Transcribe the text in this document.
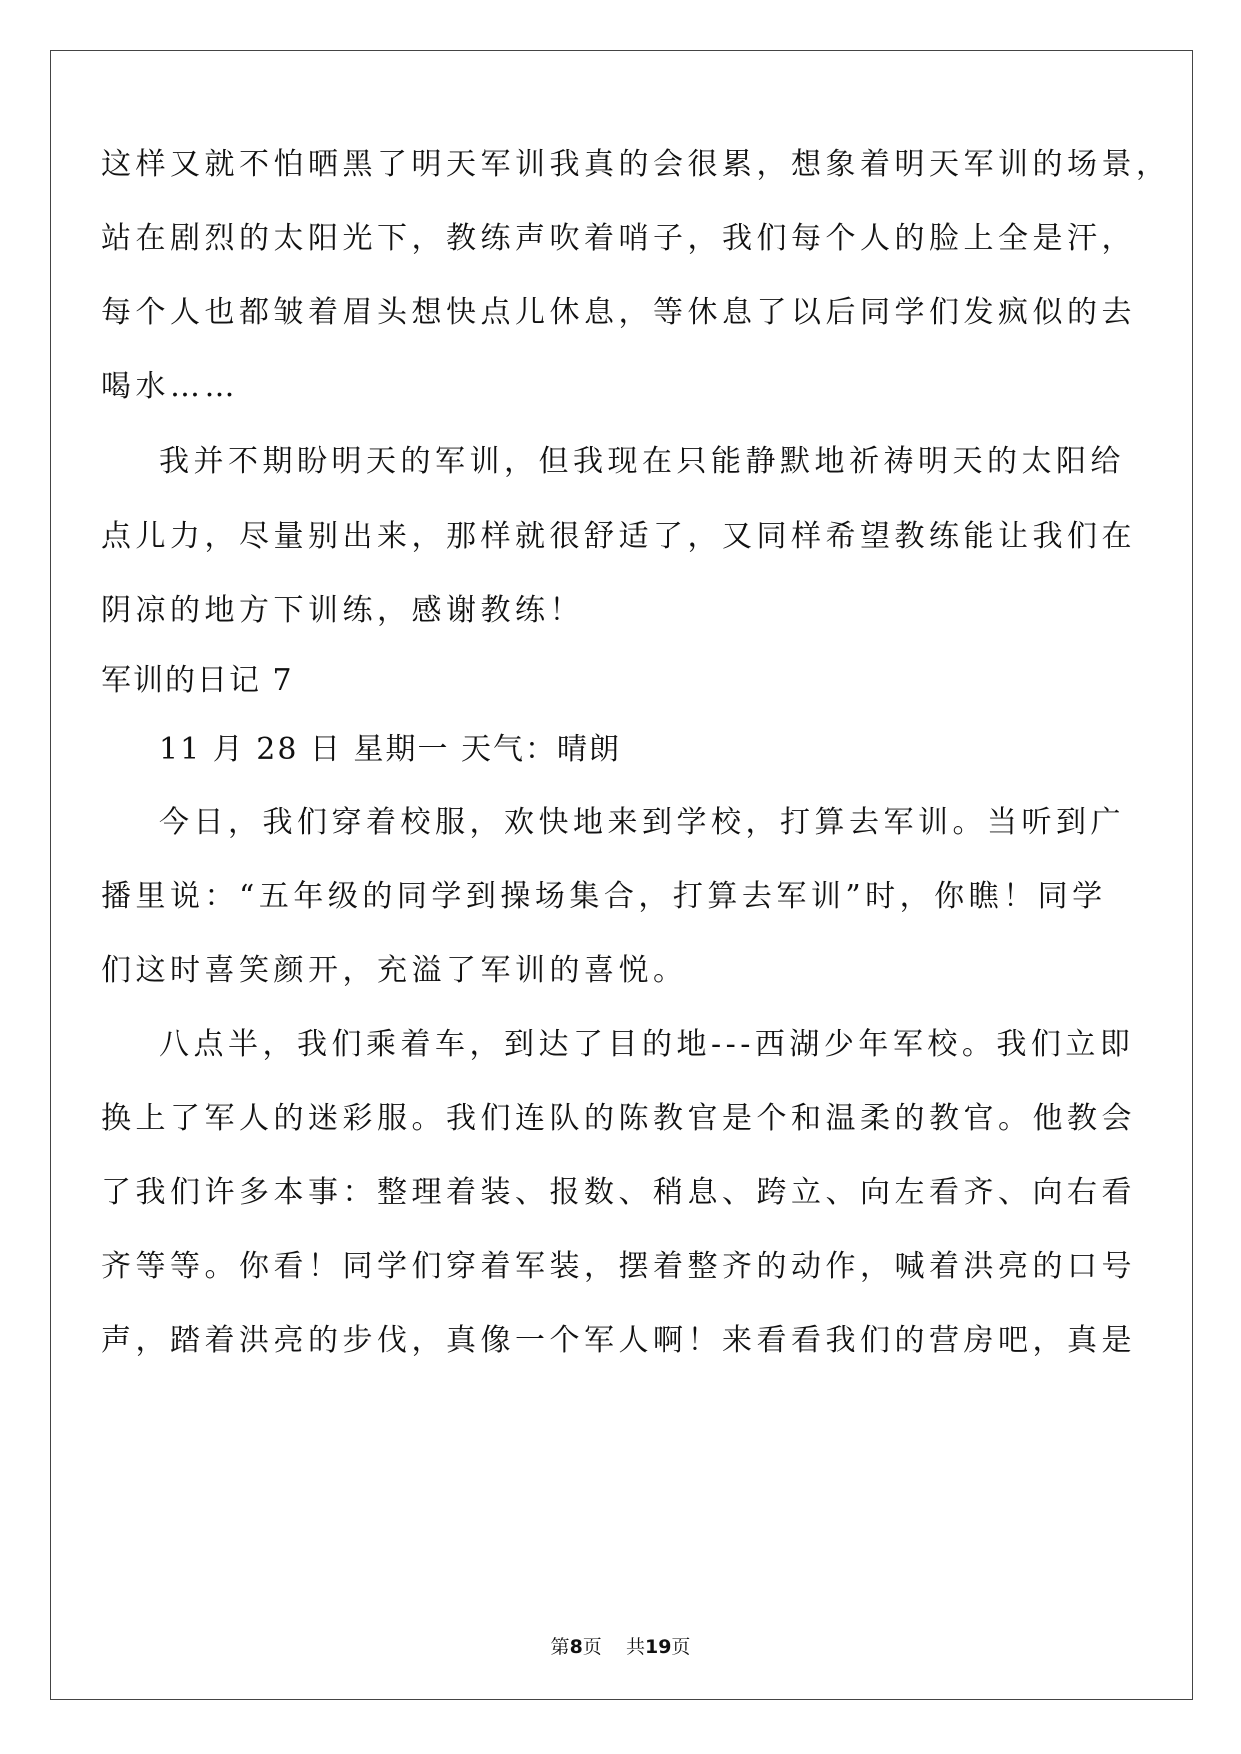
这样又就不怕晒黑了明天军训我真的会很累，想象着明天军训的场景，
站在剧烈的太阳光下，教练声吹着哨子，我们每个人的脸上全是汗，
每个人也都皱着眉头想快点儿休息，等休息了以后同学们发疯似的去
喝水……
我并不期盼明天的军训，但我现在只能静默地祈祷明天的太阳给
点儿力，尽量别出来，那样就很舒适了，又同样希望教练能让我们在
阴凉的地方下训练，感谢教练！
军训的日记 7
11 月 28 日 星期一 天气：晴朗
今日，我们穿着校服，欢快地来到学校，打算去军训。当听到广
播里说：“五年级的同学到操场集合，打算去军训”时，你瞧！同学
们这时喜笑颜开，充溢了军训的喜悦。
八点半，我们乘着车，到达了目的地---西湖少年军校。我们立即
换上了军人的迷彩服。我们连队的陈教官是个和温柔的教官。他教会
了我们许多本事：整理着装、报数、稍息、跨立、向左看齐、向右看
齐等等。你看！同学们穿着军装，摆着整齐的动作，喊着洪亮的口号
声，踏着洪亮的步伐，真像一个军人啊！来看看我们的营房吧，真是
第8页    共19页
